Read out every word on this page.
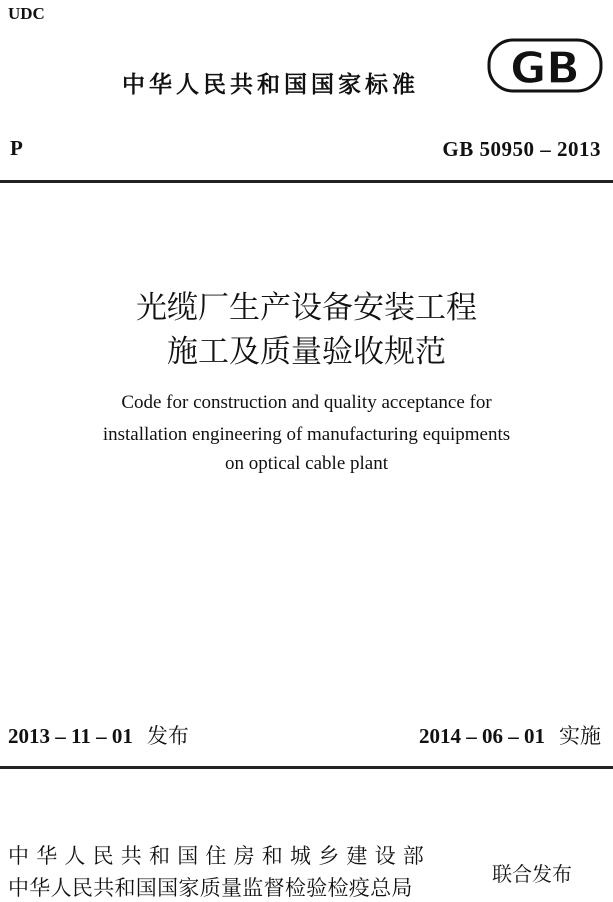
UDC
中华人民共和国国家标准 GB
P	GB 50950 – 2013
光缆厂生产设备安装工程
施工及质量验收规范
Code for construction and quality acceptance for
installation engineering of manufacturing equipments
on optical cable plant
2013 – 11 – 01 发布	2014 – 06 – 01 实施
中华人民共和国住房和城乡建设部
中华人民共和国国家质量监督检验检疫总局
联合发布
